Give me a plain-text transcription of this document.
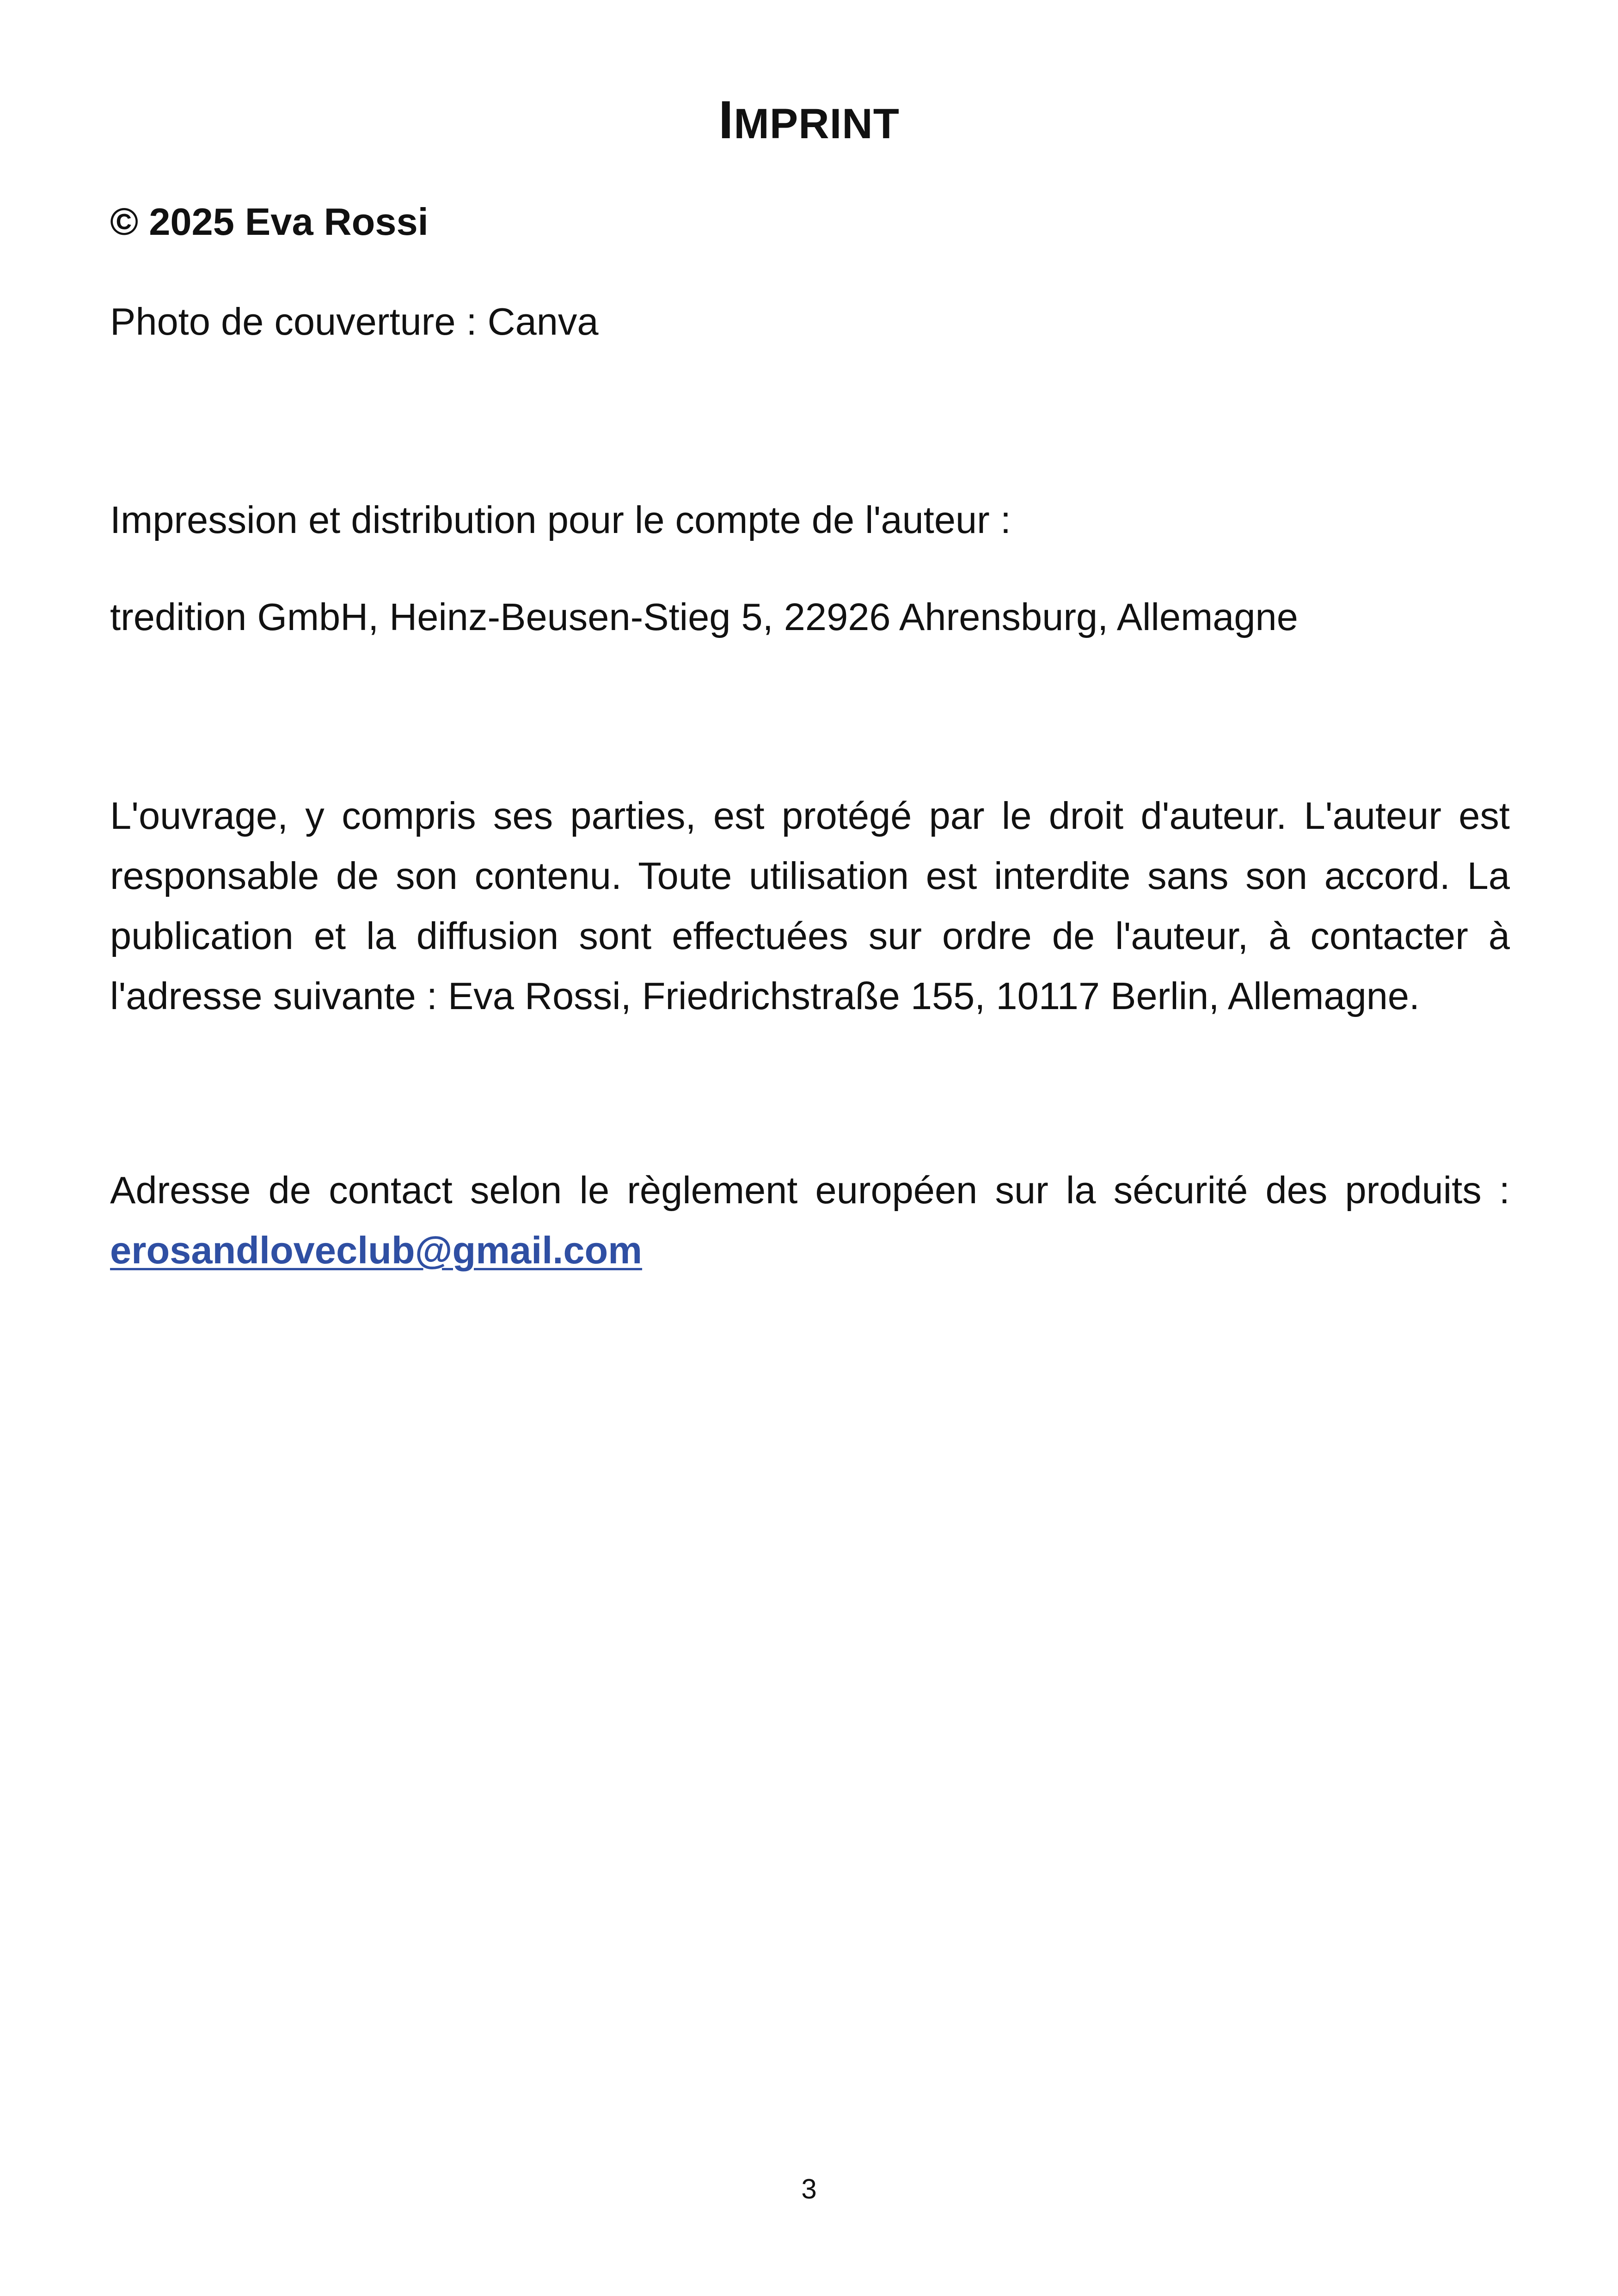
IMPRINT
© 2025 Eva Rossi
Photo de couverture : Canva
Impression et distribution pour le compte de l'auteur :
tredition GmbH, Heinz-Beusen-Stieg 5, 22926 Ahrensburg, Allemagne
L'ouvrage, y compris ses parties, est protégé par le droit d'auteur. L'auteur est responsable de son contenu. Toute utilisation est interdite sans son accord. La publication et la diffusion sont effectuées sur ordre de l'auteur, à contacter à l'adresse suivante : Eva Rossi, Friedrichstraße 155, 10117 Berlin, Allemagne.
Adresse de contact selon le règlement européen sur la sécurité des produits : erosandloveclub@gmail.com
3
